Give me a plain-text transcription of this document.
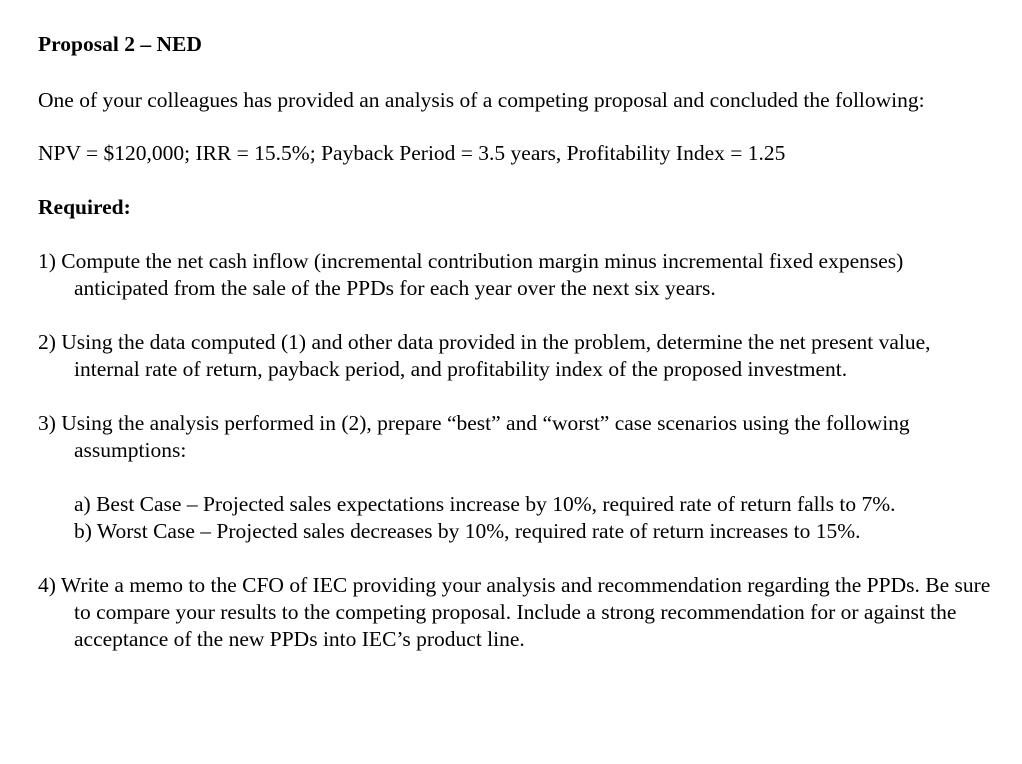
Proposal 2 – NED

One of your colleagues has provided an analysis of a competing proposal and concluded the following:

NPV = $120,000; IRR = 15.5%; Payback Period = 3.5 years, Profitability Index = 1.25

Required:

1) Compute the net cash inflow (incremental contribution margin minus incremental fixed expenses) anticipated from the sale of the PPDs for each year over the next six years.

2) Using the data computed (1) and other data provided in the problem, determine the net present value, internal rate of return, payback period, and profitability index of the proposed investment.

3) Using the analysis performed in (2), prepare “best” and “worst” case scenarios using the following assumptions:

a) Best Case – Projected sales expectations increase by 10%, required rate of return falls to 7%.

b) Worst Case – Projected sales decreases by 10%, required rate of return increases to 15%.

4) Write a memo to the CFO of IEC providing your analysis and recommendation regarding the PPDs. Be sure to compare your results to the competing proposal. Include a strong recommendation for or against the acceptance of the new PPDs into IEC’s product line.
